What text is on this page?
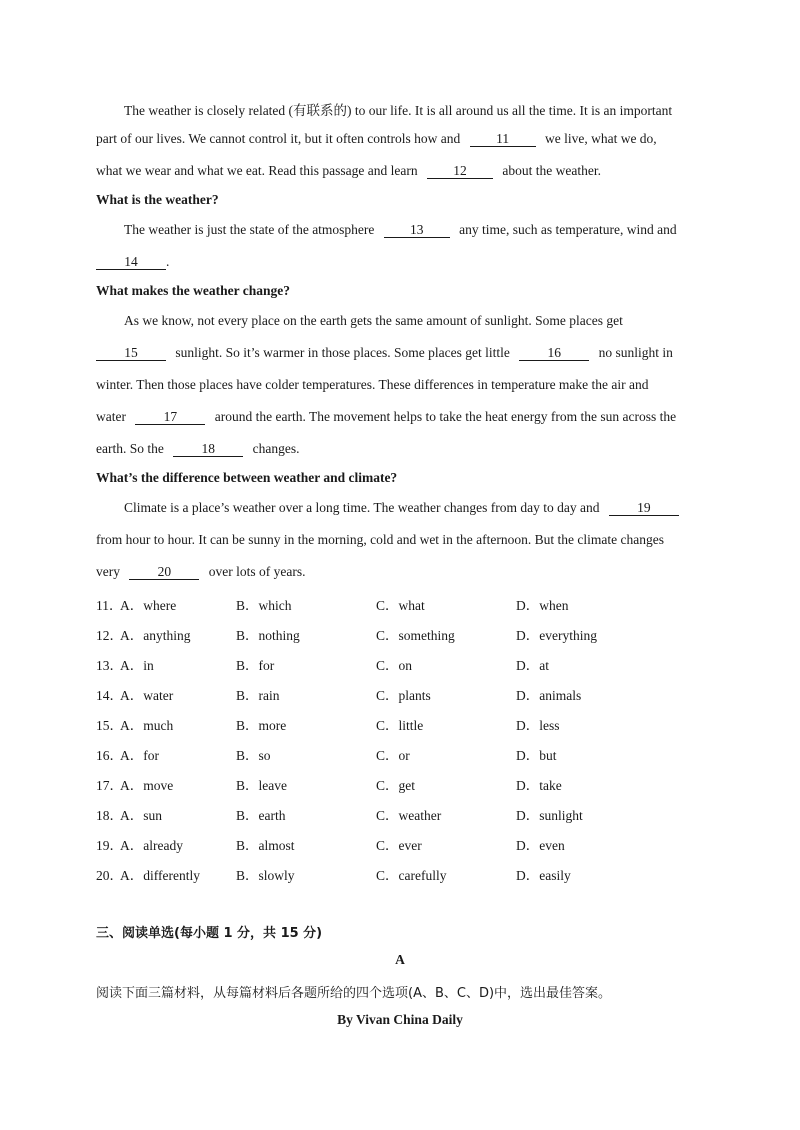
The weather is closely related (有联系的) to our life. It is all around us all the time. It is an important
part of our lives. We cannot control it, but it often controls how and	11	we live, what we do,
what we wear and what we eat. Read this passage and learn	12	about the weather.
What is the weather?
The weather is just the state of the atmosphere	13	any time, such as temperature, wind and
14 .
What makes the weather change?
As we know, not every place on the earth gets the same amount of sunlight. Some places get
15	sunlight. So it’s warmer in those places. Some places get little	16	no sunlight in
winter. Then those places have colder temperatures. These differences in temperature make the air and
water	17	around the earth. The movement helps to take the heat energy from the sun across the
earth. So the	18	changes.
What’s the difference between weather and climate?
Climate is a place’s weather over a long time. The weather changes from day to day and	19
from hour to hour. It can be sunny in the morning, cold and wet in the afternoon. But the climate changes
very	20	over lots of years.
11．
A．where	B．which	C．what	D．when
12．
A．anything	B．nothing	C．something	D．everything
13．
A．in	B．for	C．on	D．at
14．
A．water	B．rain	C．plants	D．animals
15．
A．much	B．more	C．little	D．less
16．
A．for	B．so	C．or	D．but
17．
A．move	B．leave	C．get	D．take
18．
A．sun	B．earth	C．weather	D．sunlight
19．
A．already	B．almost	C．ever	D．even
20．
A．differently	B．slowly	C．carefully	D．easily
三、阅读单选(每小题 1 分，共 15 分)
A
阅读下面三篇材料，从每篇材料后各题所给的四个选项(A、B、C、D)中，选出最佳答案。
By Vivan China Daily
